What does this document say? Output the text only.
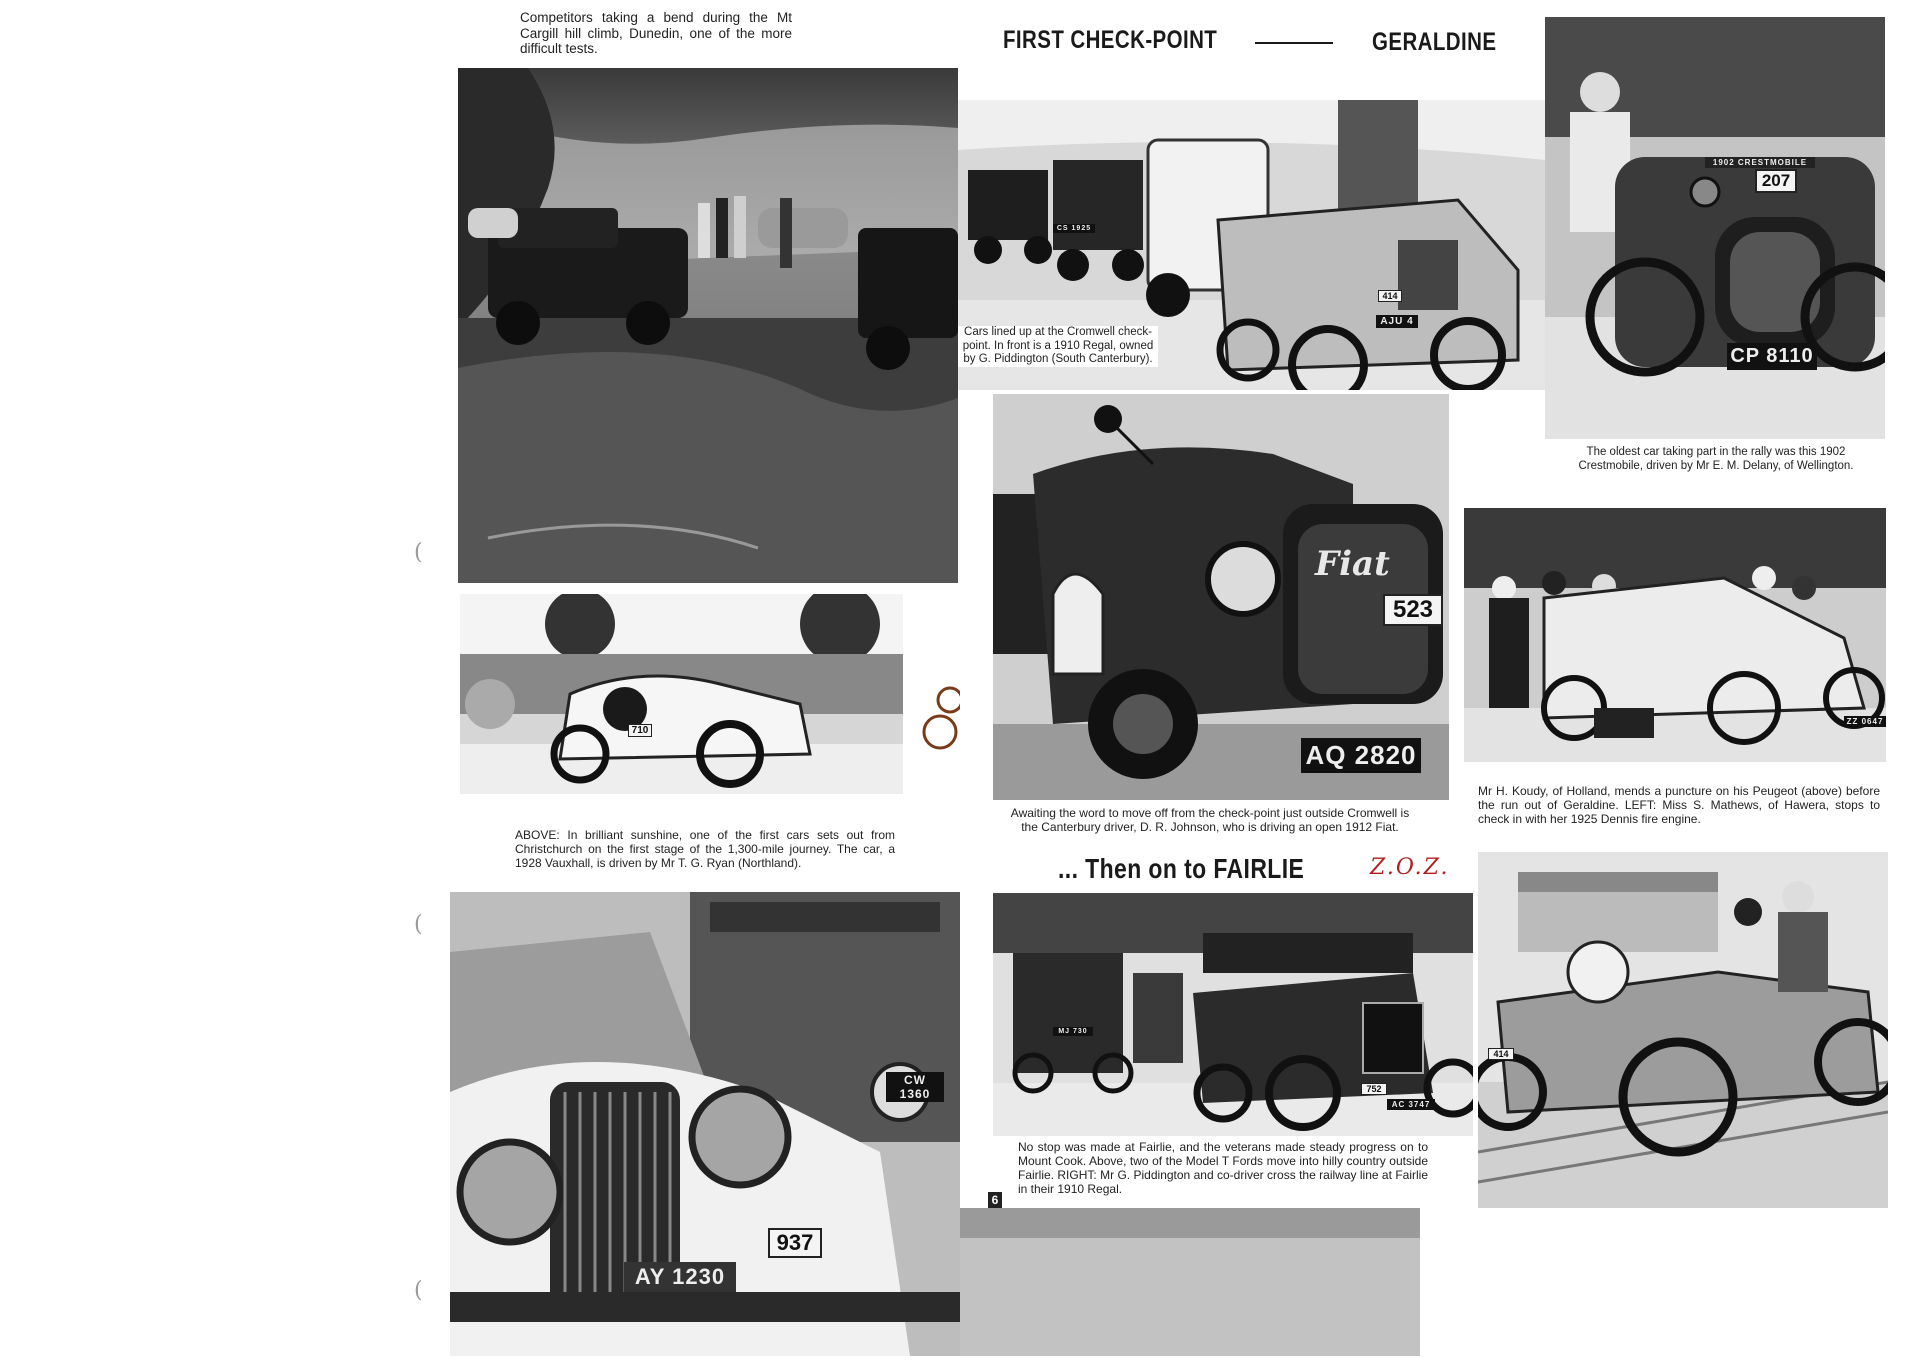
FIRST CHECK-POINT	GERALDINE
... Then on to FAIRLIE	Z.O.Z.
(
(
(
Competitors taking a bend during the Mt Cargill hill climb, Dunedin, one of the more difficult tests.
CS 1925
414
AJU 4
Cars lined up at the Cromwell check-point. In front is a 1910 Regal, owned by G. Piddington (South Canterbury).
1902 CRESTMOBILE
207
CP 8110
The oldest car taking part in the rally was this 1902 Crestmobile, driven by Mr E. M. Delany, of Wellington.
710
ABOVE: In brilliant sunshine, one of the first cars sets out from Christchurch on the first stage of the 1,300-mile journey. The car, a 1928 Vauxhall, is driven by Mr T. G. Ryan (Northland).
Fiat
523
AQ 2820
Awaiting the word to move off from the check-point just outside Cromwell is the Canterbury driver, D. R. Johnson, who is driving an open 1912 Fiat.
ZZ 0647
Mr H. Koudy, of Holland, mends a puncture on his Peugeot (above) before the run out of Geraldine. LEFT: Miss S. Mathews, of Hawera, stops to check in with her 1925 Dennis fire engine.
414
MJ 730
752
AC 3747
No stop was made at Fairlie, and the veterans made steady progress on to Mount Cook. Above, two of the Model T Fords move into hilly country outside Fairlie. RIGHT: Mr G. Piddington and co-driver cross the railway line at Fairlie in their 1910 Regal.
937
AY 1230
CW 1360
6
